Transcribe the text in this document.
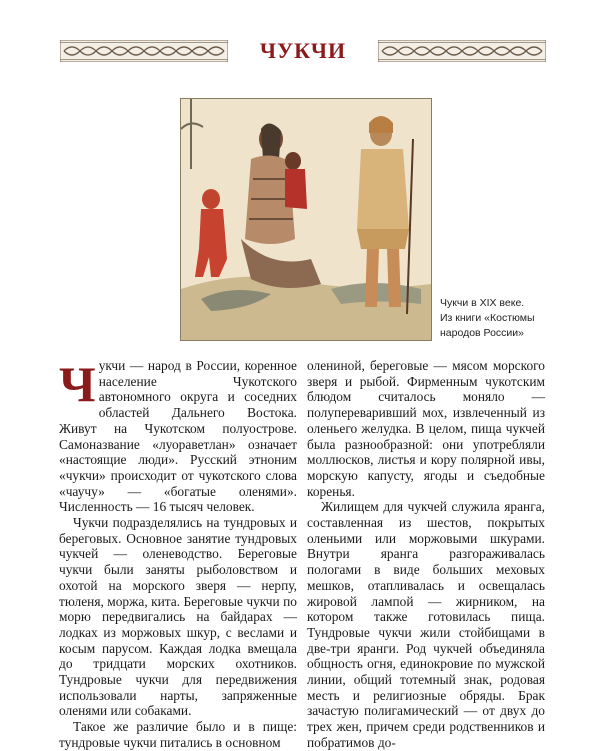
ЧУКЧИ
Чукчи в XIX веке.
Из книги «Костюмы
народов России»

Чукчи — народ в России, коренное население Чукотского автономного округа и соседних областей Дальнего Востока. Живут на Чукотском полуострове. Самоназвание «луораветлан» означает «настоящие люди». Русский этноним «чукчи» происходит от чукотского слова «чаучу» — «богатые оленями». Численность — 16 тысяч человек.

Чукчи подразделялись на тундровых и береговых. Основное занятие тундровых чукчей — оленеводство. Береговые чукчи были заняты рыболовством и охотой на морского зверя — нерпу, тюленя, моржа, кита. Береговые чукчи по морю передвигались на байдарах — лодках из моржовых шкур, с веслами и косым парусом. Каждая лодка вмещала до тридцати морских охотников. Тундровые чукчи для передвижения использовали нарты, запряженные оленями или собаками.

Такое же различие было и в пище: тундровые чукчи питались в основном

олениной, береговые — мясом морского зверя и рыбой. Фирменным чукотским блюдом считалось моняло — полупереваривший мох, извлеченный из оленьего желудка. В целом, пища чукчей была разнообразной: они употребляли моллюсков, листья и кору полярной ивы, морскую капусту, ягоды и съедобные коренья.

Жилищем для чукчей служила яранга, составленная из шестов, покрытых оленьими или моржовыми шкурами. Внутри яранга разгораживалась пологами в виде больших меховых мешков, отапливалась и освещалась жировой лампой — жирником, на котором также готовилась пища. Тундровые чукчи жили стойбищами в две-три яранги. Род чукчей объединяла общность огня, единокровие по мужской линии, общий тотемный знак, родовая месть и религиозные обряды. Брак зачастую полигамический — от двух до трех жен, причем среди родственников и побратимов до-
